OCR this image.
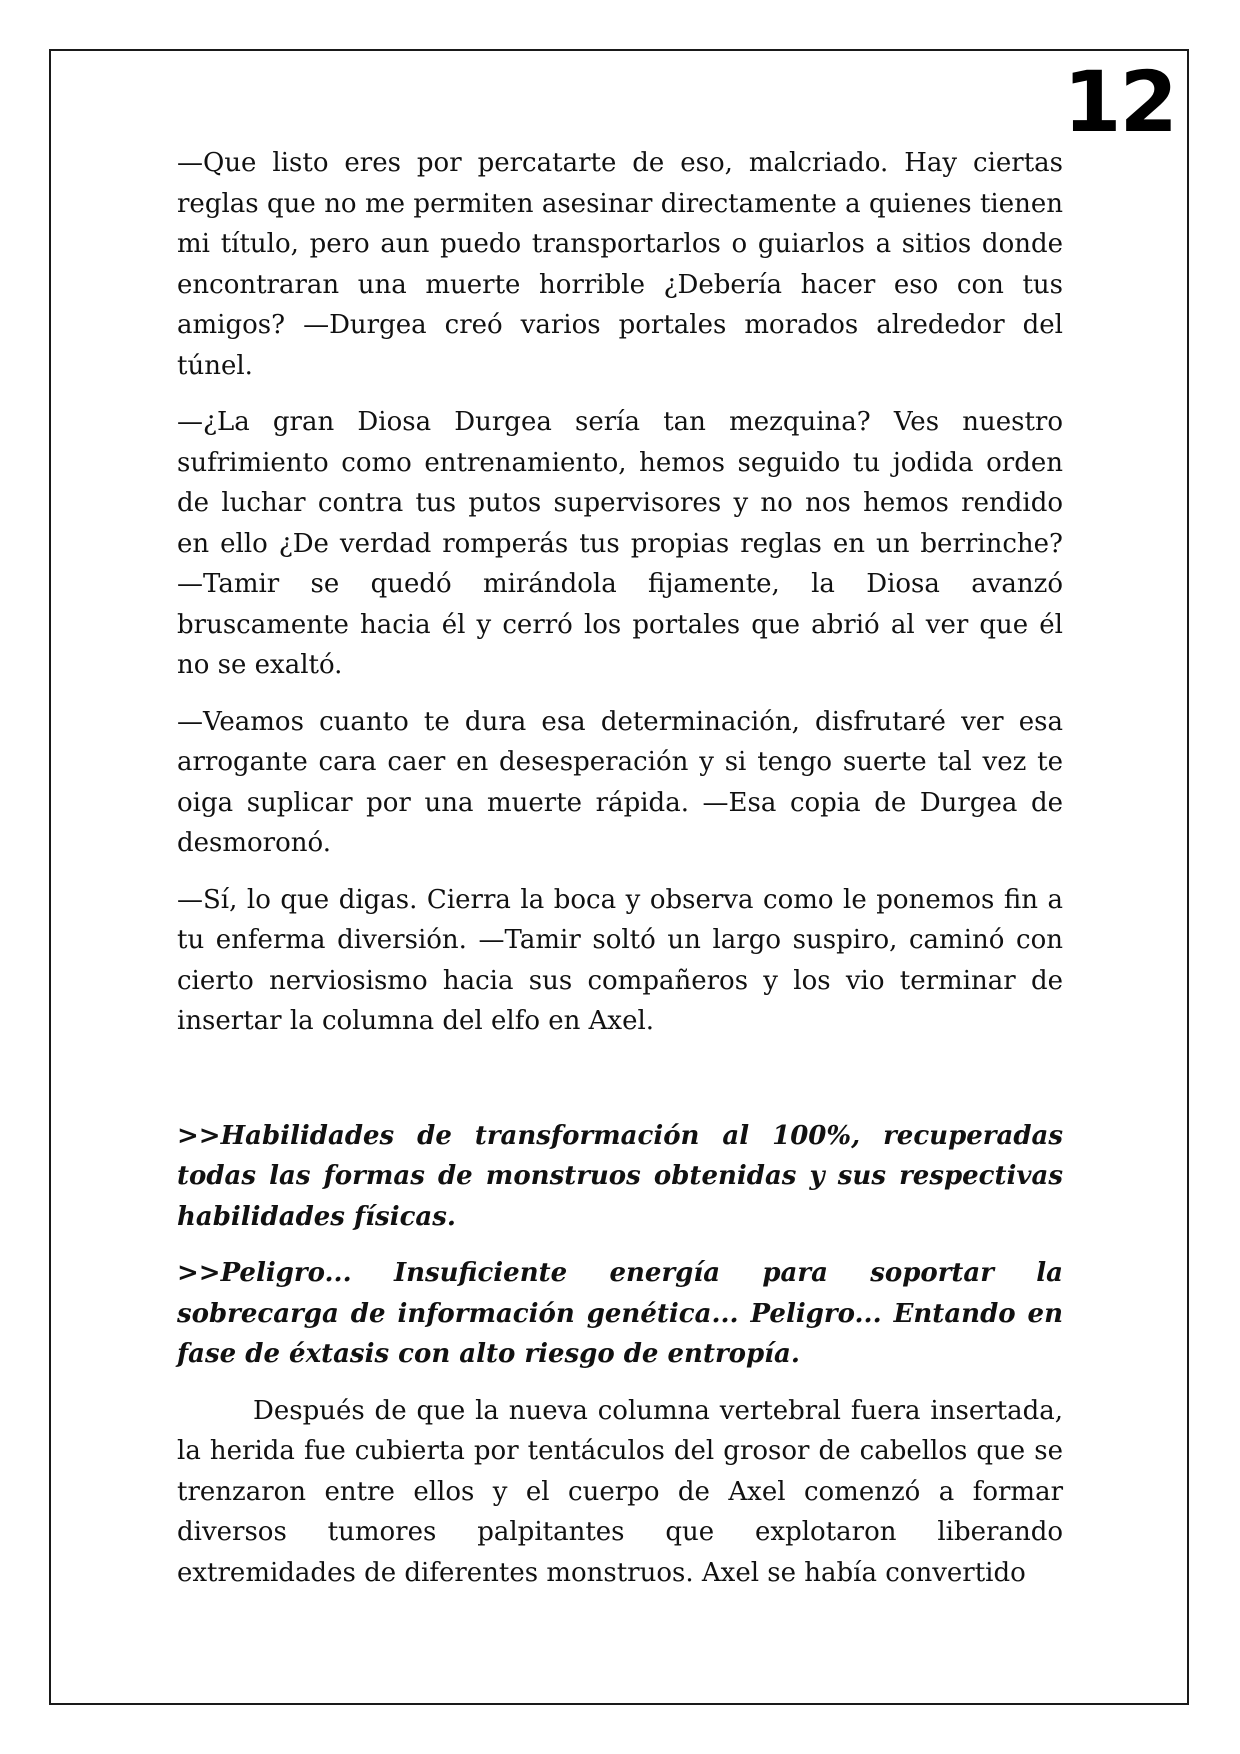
12

—Que listo eres por percatarte de eso, malcriado. Hay ciertas reglas que no me permiten asesinar directamente a quienes tienen mi título, pero aun puedo transportarlos o guiarlos a sitios donde encontraran una muerte horrible ¿Debería hacer eso con tus amigos? —Durgea creó varios portales morados alrededor del túnel.

—¿La gran Diosa Durgea sería tan mezquina? Ves nuestro sufrimiento como entrenamiento, hemos seguido tu jodida orden de luchar contra tus putos supervisores y no nos hemos rendido en ello ¿De verdad romperás tus propias reglas en un berrinche? —Tamir se quedó mirándola fijamente, la Diosa avanzó bruscamente hacia él y cerró los portales que abrió al ver que él no se exaltó.

—Veamos cuanto te dura esa determinación, disfrutaré ver esa arrogante cara caer en desesperación y si tengo suerte tal vez te oiga suplicar por una muerte rápida. —Esa copia de Durgea de desmoronó.

—Sí, lo que digas. Cierra la boca y observa como le ponemos fin a tu enferma diversión. —Tamir soltó un largo suspiro, caminó con cierto nerviosismo hacia sus compañeros y los vio terminar de insertar la columna del elfo en Axel.

>>Habilidades de transformación al 100%, recuperadas todas las formas de monstruos obtenidas y sus respectivas habilidades físicas.

>>Peligro... Insuficiente energía para soportar la sobrecarga de información genética... Peligro... Entando en fase de éxtasis con alto riesgo de entropía.

Después de que la nueva columna vertebral fuera insertada, la herida fue cubierta por tentáculos del grosor de cabellos que se trenzaron entre ellos y el cuerpo de Axel comenzó a formar diversos tumores palpitantes que explotaron liberando extremidades de diferentes monstruos. Axel se había convertido
